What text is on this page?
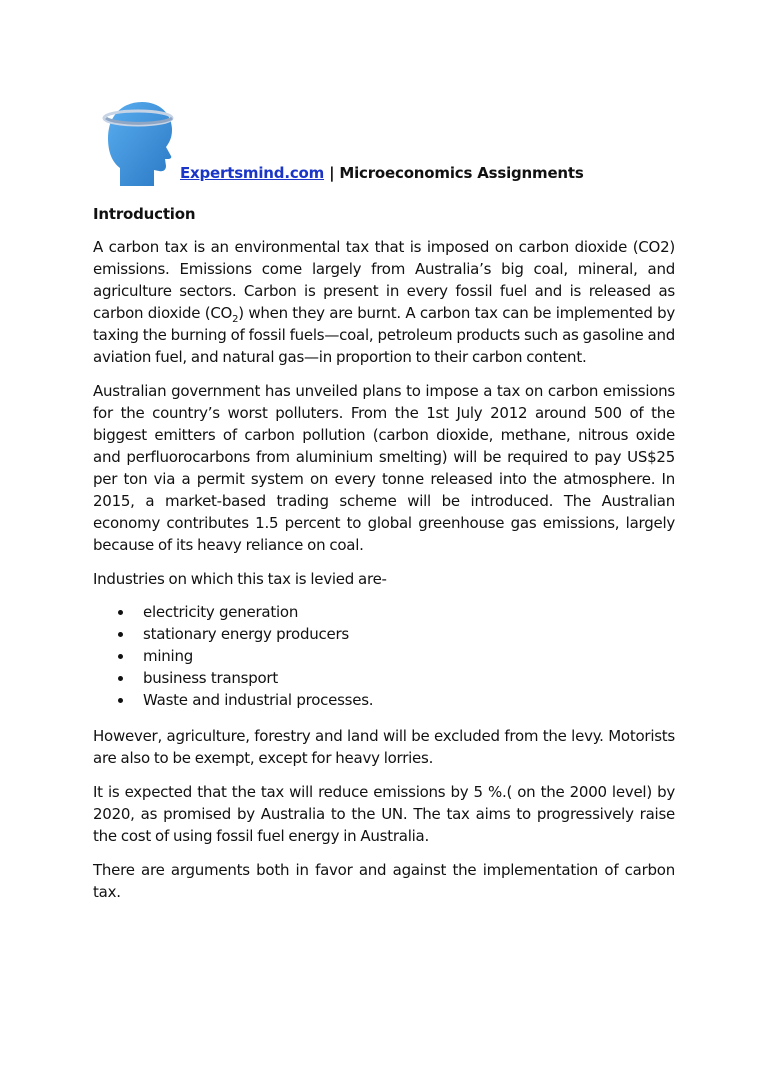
Expertsmind.com | Microeconomics Assignments
Introduction

A carbon tax is an environmental tax that is imposed on carbon dioxide (CO2) emissions. Emissions come largely from Australia’s big coal, mineral, and agriculture sectors. Carbon is present in every fossil fuel and is released as carbon dioxide $(CO_2)$ when they are burnt. A carbon tax can be implemented by taxing the burning of fossil fuels—coal, petroleum products such as gasoline and aviation fuel, and natural gas—in proportion to their carbon content.

Australian government has unveiled plans to impose a tax on carbon emissions for the country’s worst polluters. From the 1st July 2012 around 500 of the biggest emitters of carbon pollution (carbon dioxide, methane, nitrous oxide and perfluorocarbons from aluminium smelting) will be required to pay US$25 per ton via a permit system on every tonne released into the atmosphere. In 2015, a market-based trading scheme will be introduced. The Australian economy contributes 1.5 percent to global greenhouse gas emissions, largely because of its heavy reliance on coal.

Industries on which this tax is levied are-

electricity generation
stationary energy producers
mining
business transport
Waste and industrial processes.

However, agriculture, forestry and land will be excluded from the levy. Motorists are also to be exempt, except for heavy lorries.

It is expected that the tax will reduce emissions by 5 %.( on the 2000 level) by 2020, as promised by Australia to the UN. The tax aims to progressively raise the cost of using fossil fuel energy in Australia.

There are arguments both in favor and against the implementation of carbon tax.
